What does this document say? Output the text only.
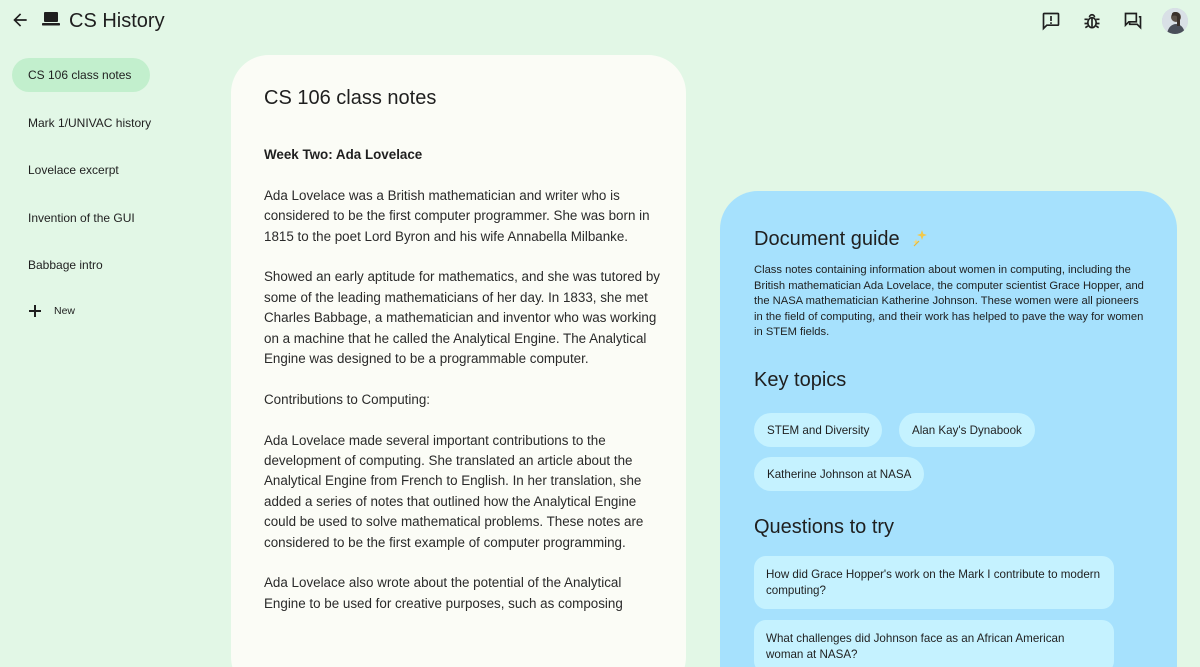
CS History
CS 106 class notes
Mark 1/UNIVAC history
Lovelace excerpt
Invention of the GUI
Babbage intro
New
CS 106 class notes

Week Two: Ada Lovelace

Ada Lovelace was a British mathematician and writer who is considered to be the first computer programmer. She was born in 1815 to the poet Lord Byron and his wife Annabella Milbanke.

Showed an early aptitude for mathematics, and she was tutored by some of the leading mathematicians of her day. In 1833, she met Charles Babbage, a mathematician and inventor who was working on a machine that he called the Analytical Engine. The Analytical Engine was designed to be a programmable computer.

Contributions to Computing:

Ada Lovelace made several important contributions to the development of computing. She translated an article about the Analytical Engine from French to English. In her translation, she added a series of notes that outlined how the Analytical Engine could be used to solve mathematical problems. These notes are considered to be the first example of computer programming.

Ada Lovelace also wrote about the potential of the Analytical Engine to be used for creative purposes, such as composing

Document guide
Class notes containing information about women in computing, including the British mathematician Ada Lovelace, the computer scientist Grace Hopper, and the NASA mathematician Katherine Johnson. These women were all pioneers in the field of computing, and their work has helped to pave the way for women in STEM fields.
Key topics
STEM and Diversity	Alan Kay's Dynabook
Katherine Johnson at NASA
Questions to try
How did Grace Hopper's work on the Mark I contribute to modern computing?
What challenges did Johnson face as an African American woman at NASA?
